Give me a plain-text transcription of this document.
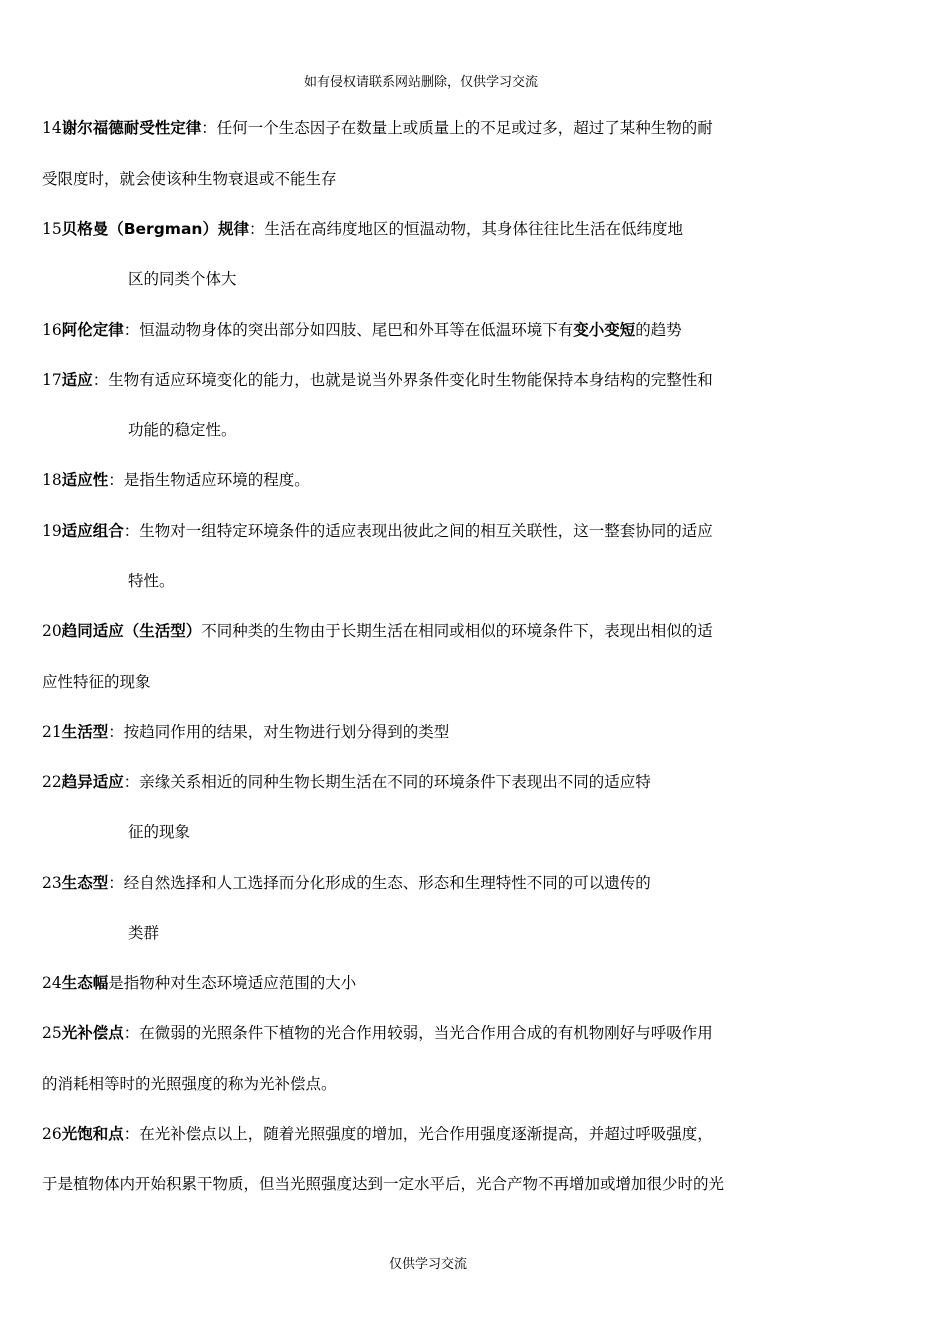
如有侵权请联系网站删除，仅供学习交流
14谢尔福德耐受性定律：任何一个生态因子在数量上或质量上的不足或过多，超过了某种生物的耐
受限度时，就会使该种生物衰退或不能生存
15贝格曼（Bergman）规律：生活在高纬度地区的恒温动物，其身体往往比生活在低纬度地
区的同类个体大
16阿伦定律：恒温动物身体的突出部分如四肢、尾巴和外耳等在低温环境下有变小变短的趋势
17适应：生物有适应环境变化的能力，也就是说当外界条件变化时生物能保持本身结构的完整性和
功能的稳定性。
18适应性：是指生物适应环境的程度。
19适应组合：生物对一组特定环境条件的适应表现出彼此之间的相互关联性，这一整套协同的适应
特性。
20趋同适应（生活型）不同种类的生物由于长期生活在相同或相似的环境条件下，表现出相似的适
应性特征的现象
21生活型：按趋同作用的结果，对生物进行划分得到的类型
22趋异适应：亲缘关系相近的同种生物长期生活在不同的环境条件下表现出不同的适应特
征的现象
23生态型：经自然选择和人工选择而分化形成的生态、形态和生理特性不同的可以遗传的
类群
24生态幅是指物种对生态环境适应范围的大小
25光补偿点：在微弱的光照条件下植物的光合作用较弱，当光合作用合成的有机物刚好与呼吸作用
的消耗相等时的光照强度的称为光补偿点。
26光饱和点：在光补偿点以上，随着光照强度的增加，光合作用强度逐渐提高，并超过呼吸强度，
于是植物体内开始积累干物质，但当光照强度达到一定水平后，光合产物不再增加或增加很少时的光
仅供学习交流
